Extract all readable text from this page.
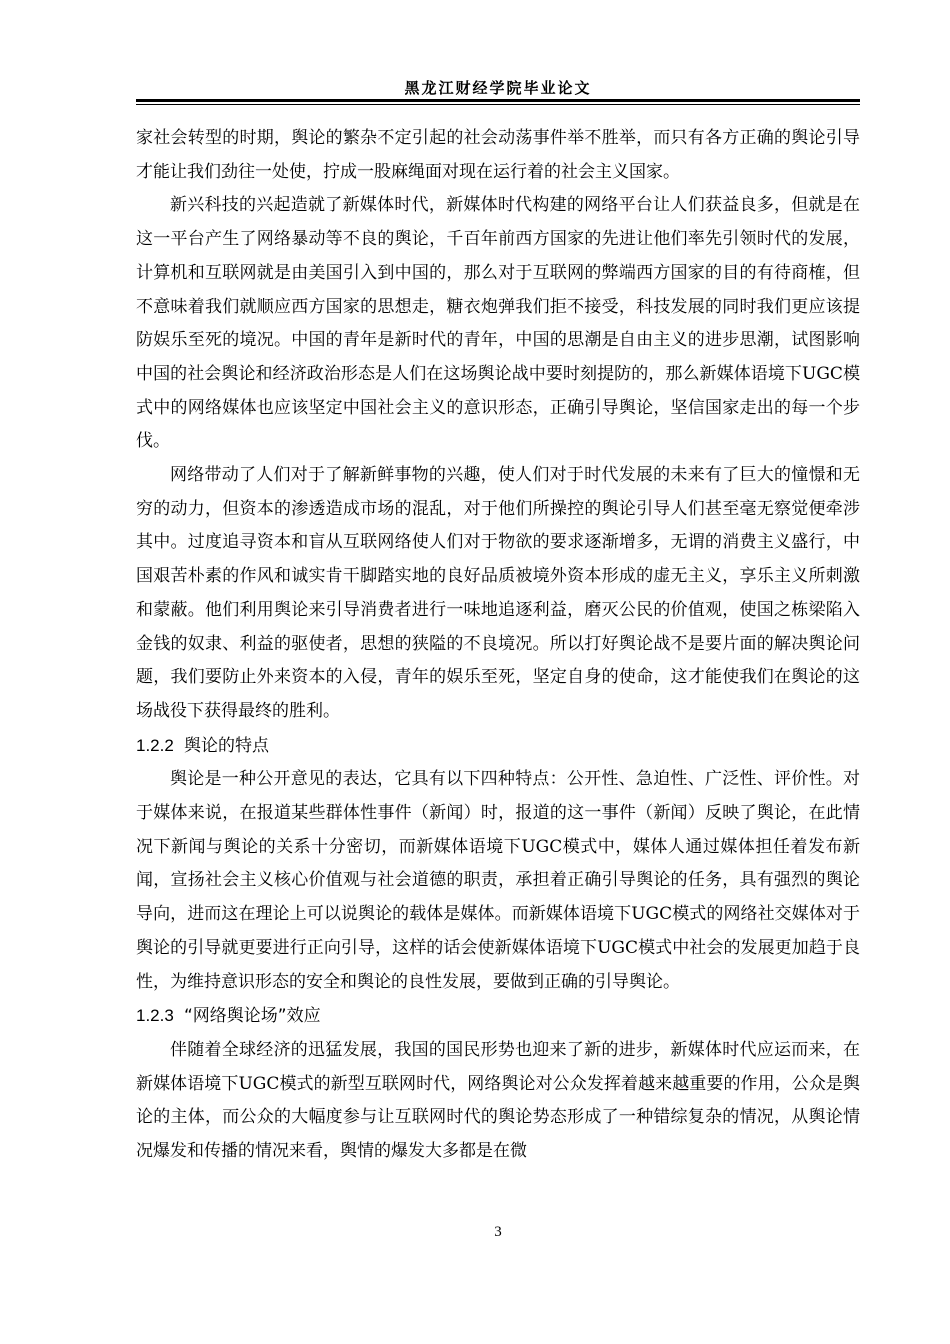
黑龙江财经学院毕业论文

家社会转型的时期，舆论的繁杂不定引起的社会动荡事件举不胜举，而只有各方正确的舆论引导才能让我们劲往一处使，拧成一股麻绳面对现在运行着的社会主义国家。

新兴科技的兴起造就了新媒体时代，新媒体时代构建的网络平台让人们获益良多，但就是在这一平台产生了网络暴动等不良的舆论，千百年前西方国家的先进让他们率先引领时代的发展，计算机和互联网就是由美国引入到中国的，那么对于互联网的弊端西方国家的目的有待商榷，但不意味着我们就顺应西方国家的思想走，糖衣炮弹我们拒不接受，科技发展的同时我们更应该提防娱乐至死的境况。中国的青年是新时代的青年，中国的思潮是自由主义的进步思潮，试图影响中国的社会舆论和经济政治形态是人们在这场舆论战中要时刻提防的，那么新媒体语境下UGC模式中的网络媒体也应该坚定中国社会主义的意识形态，正确引导舆论，坚信国家走出的每一个步伐。

网络带动了人们对于了解新鲜事物的兴趣，使人们对于时代发展的未来有了巨大的憧憬和无穷的动力，但资本的渗透造成市场的混乱，对于他们所操控的舆论引导人们甚至毫无察觉便牵涉其中。过度追寻资本和盲从互联网络使人们对于物欲的要求逐渐增多，无谓的消费主义盛行，中国艰苦朴素的作风和诚实肯干脚踏实地的良好品质被境外资本形成的虚无主义，享乐主义所刺激和蒙蔽。他们利用舆论来引导消费者进行一味地追逐利益，磨灭公民的价值观，使国之栋梁陷入金钱的奴隶、利益的驱使者，思想的狭隘的不良境况。所以打好舆论战不是要片面的解决舆论问题，我们要防止外来资本的入侵，青年的娱乐至死，坚定自身的使命，这才能使我们在舆论的这场战役下获得最终的胜利。

1.2.2 舆论的特点

舆论是一种公开意见的表达，它具有以下四种特点：公开性、急迫性、广泛性、评价性。对于媒体来说，在报道某些群体性事件（新闻）时，报道的这一事件（新闻）反映了舆论，在此情况下新闻与舆论的关系十分密切，而新媒体语境下UGC模式中，媒体人通过媒体担任着发布新闻，宣扬社会主义核心价值观与社会道德的职责，承担着正确引导舆论的任务，具有强烈的舆论导向，进而这在理论上可以说舆论的载体是媒体。而新媒体语境下UGC模式的网络社交媒体对于舆论的引导就更要进行正向引导，这样的话会使新媒体语境下UGC模式中社会的发展更加趋于良性，为维持意识形态的安全和舆论的良性发展，要做到正确的引导舆论。

1.2.3 “网络舆论场”效应

伴随着全球经济的迅猛发展，我国的国民形势也迎来了新的进步，新媒体时代应运而来，在新媒体语境下UGC模式的新型互联网时代，网络舆论对公众发挥着越来越重要的作用，公众是舆论的主体，而公众的大幅度参与让互联网时代的舆论势态形成了一种错综复杂的情况，从舆论情况爆发和传播的情况来看，舆情的爆发大多都是在微

3
